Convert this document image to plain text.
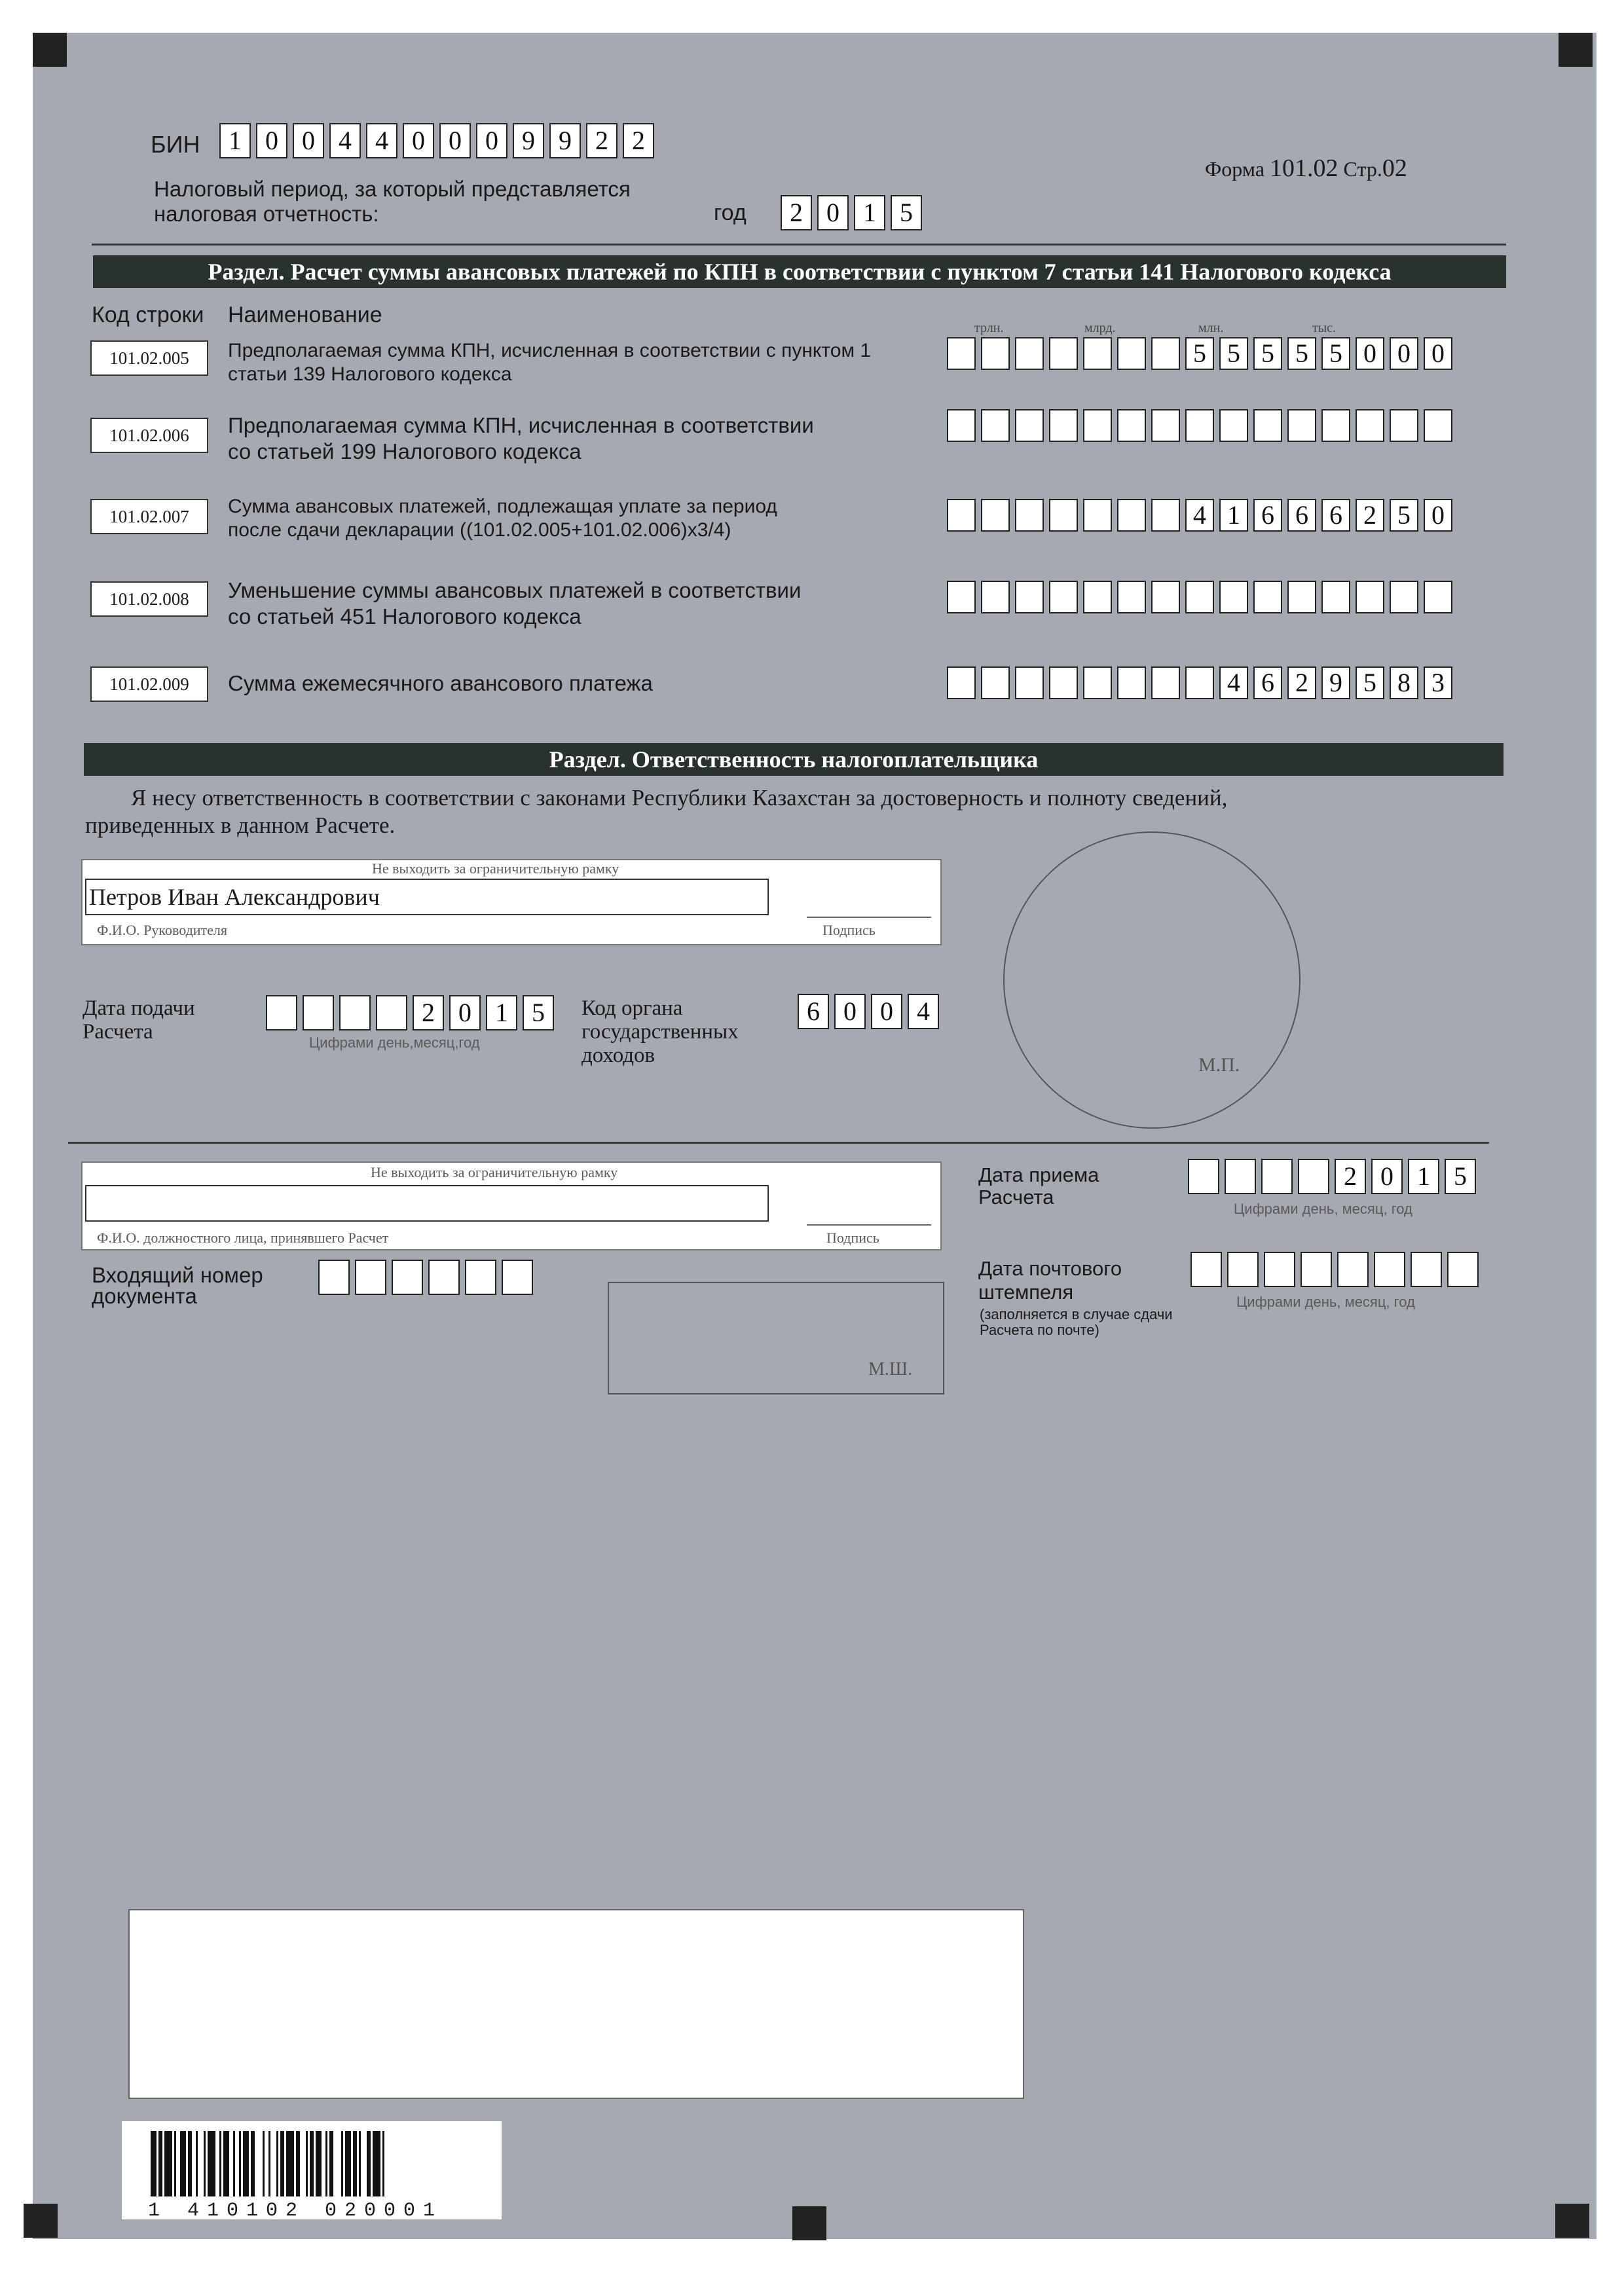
БИН	1 0 0 4 4 0 0 0 9 9 2 2
Форма 101.02 Стр.02
Налоговый период, за который представляется
налоговая отчетность:	год	2 0 1 5
Раздел. Расчет суммы авансовых платежей по КПН в соответствии с пунктом 7 статьи 141 Налогового кодекса
Код строки Наименование
трлн.	млрд.	млн.	тыс.
101.02.005	Предполагаемая сумма КПН, исчисленная в соответствии с пунктом 1
статьи 139 Налогового кодекса
5 5 5 5 5 0 0 0
101.02.006	Предполагаемая сумма КПН, исчисленная в соответствии
со статьей 199 Налогового кодекса
101.02.007	Сумма авансовых платежей, подлежащая уплате за период
после сдачи декларации ((101.02.005+101.02.006)x3/4)
4 1 6 6 6 2 5 0
101.02.008	Уменьшение суммы авансовых платежей в соответствии
со статьей 451 Налогового кодекса
101.02.009	Сумма ежемесячного авансового платежа	4 6 2 9 5 8 3
Раздел. Ответственность налогоплательщика
Я несу ответственность в соответствии с законами Республики Казахстан за достоверность и полноту сведений,
приведенных в данном Расчете.
Не выходить за ограничительную рамку
Петров Иван Александрович
Ф.И.О. Руководителя	Подпись
М.П.
Дата подачи
Расчета
2 0 1 5
Цифрами день,месяц,год
Код органа
государственных
доходов
6 0 0 4
Не выходить за ограничительную рамку
Ф.И.О. должностного лица, принявшего Расчет	Подпись
Дата приема
Расчета
2 0 1 5
Цифрами день, месяц, год
Входящий номер
документа
М.Ш.
Дата почтового
штемпеля
(заполняется в случае сдачи
Расчета по почте)
Цифрами день, месяц, год
1 410102 020001
